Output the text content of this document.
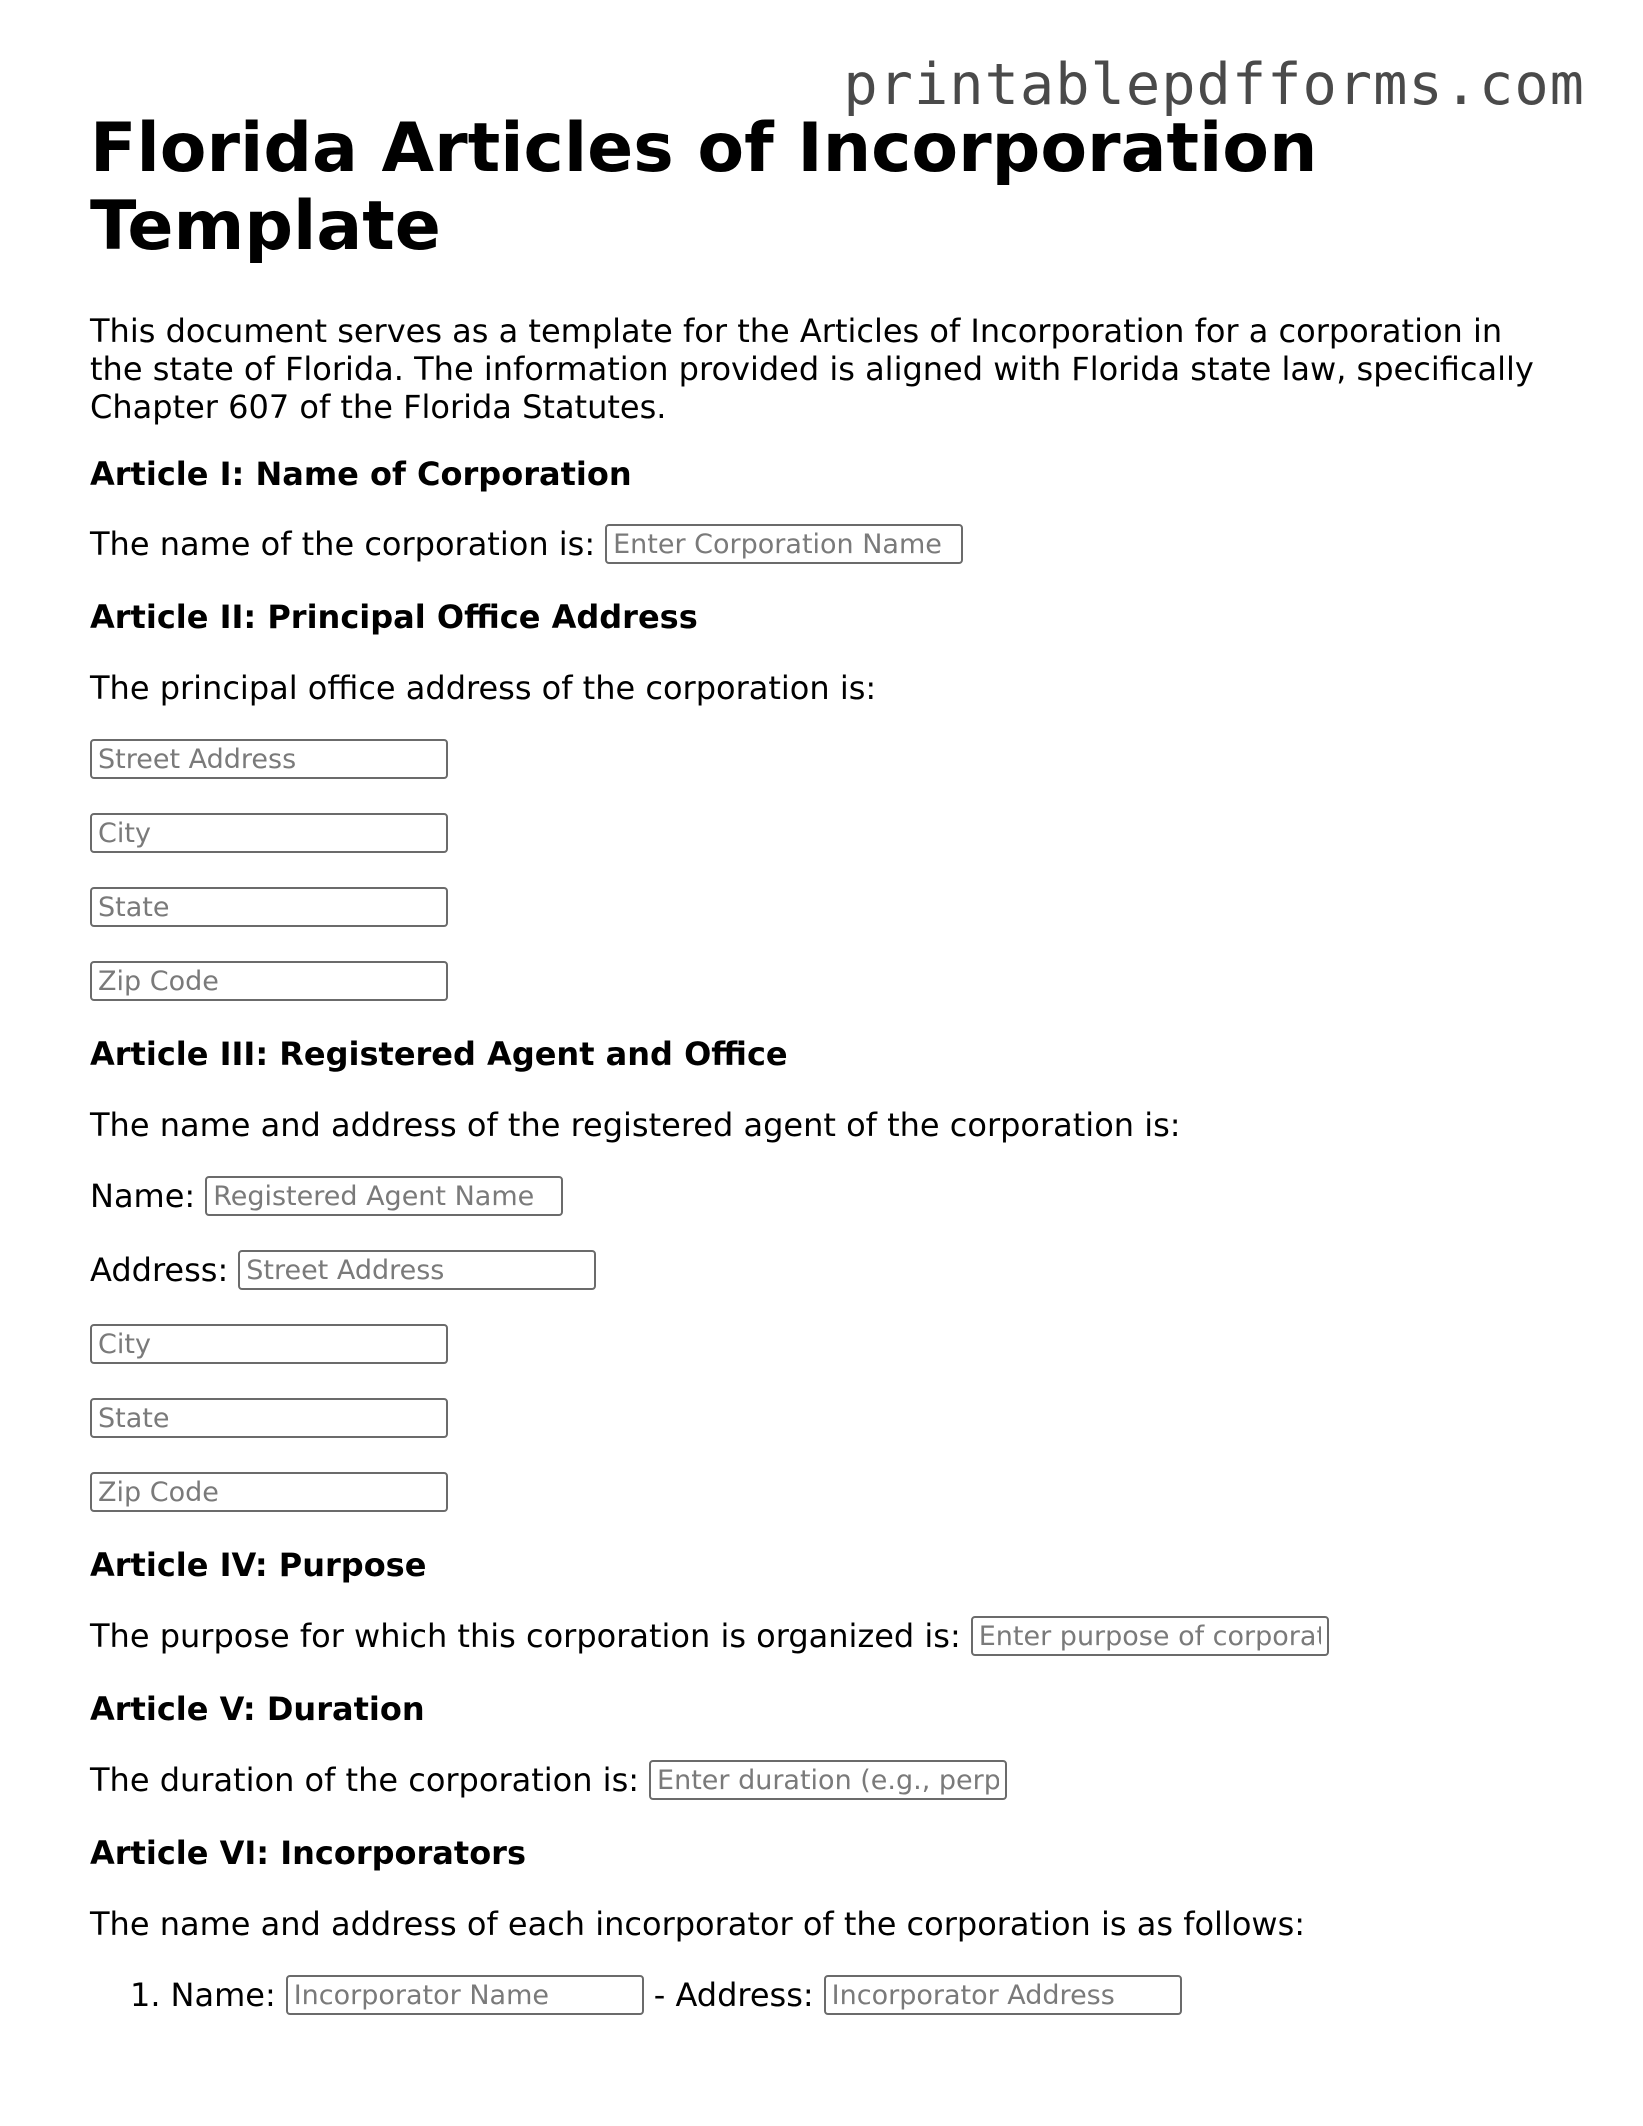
printablepdfforms.com
Florida Articles of Incorporation Template

This document serves as a template for the Articles of Incorporation for a corporation in the state of Florida. The information provided is aligned with Florida state law, specifically Chapter 607 of the Florida Statutes.

Article I: Name of Corporation
The name of the corporation is:
Enter Corporation Name
Article II: Principal Office Address
The principal office address of the corporation is:
Street Address
City
State
Zip Code
Article III: Registered Agent and Office
The name and address of the registered agent of the corporation is:
Name:
Registered Agent Name
Address:
Street Address
City
State
Zip Code
Article IV: Purpose
The purpose for which this corporation is organized is:
Enter purpose of corporation
Article V: Duration
The duration of the corporation is:
Enter duration (e.g., perpetual)
Article VI: Incorporators
The name and address of each incorporator of the corporation is as follows:
1. Name:
Incorporator Name	- Address:
Incorporator Address
